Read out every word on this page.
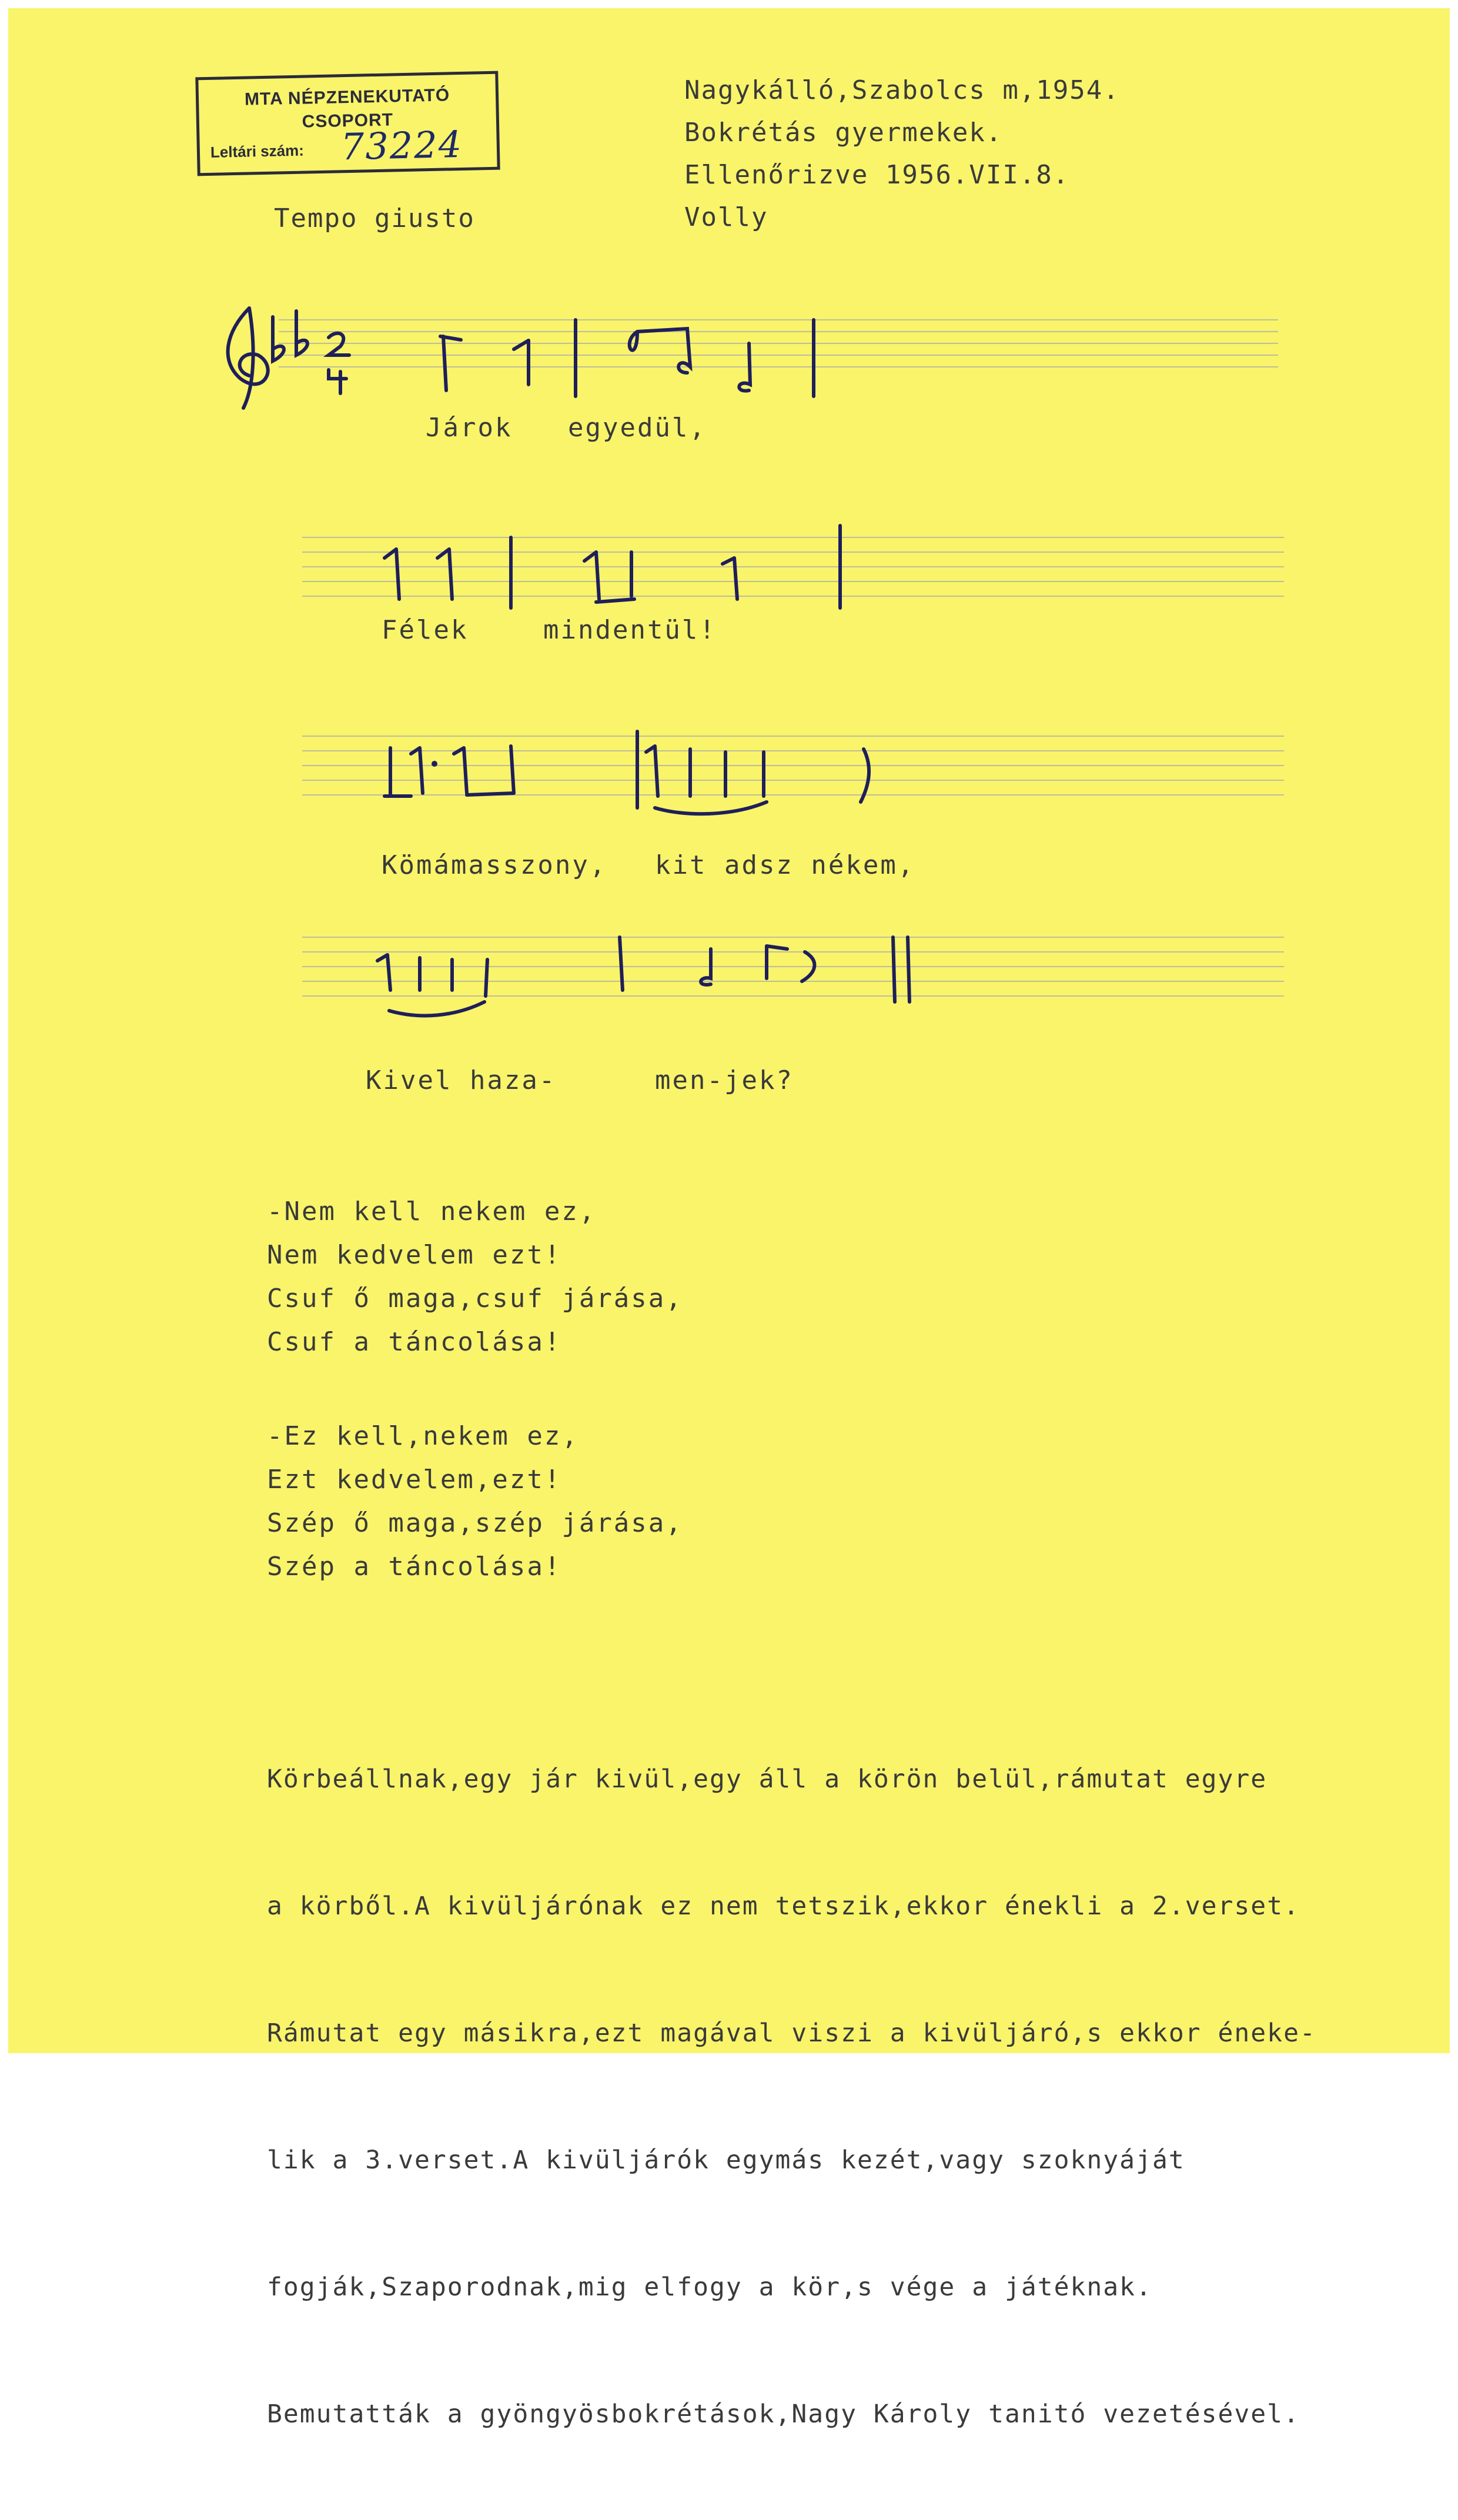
MTA NÉPZENEKUTATÓ
CSOPORT
Leltári szám: 73224
Nagykálló,Szabolcs m,1954.
Bokrétás gyermekek.
Ellenőrizve 1956.VII.8.
Volly
Tempo giusto
Járok egyedül,
Félek	mindentül!
Kömámasszony, kit adsz nékem,
Kivel haza-	men-jek?
-Nem kell nekem ez,
Nem kedvelem ezt!
Csuf ő maga,csuf járása,
Csuf a táncolása!
-Ez kell,nekem ez,
Ezt kedvelem,ezt!
Szép ő maga,szép járása,
Szép a táncolása!

Körbeállnak,egy jár kivül,egy áll a körön belül,rámutat egyre

a körből.A kivüljárónak ez nem tetszik,ekkor énekli a 2.verset.

Rámutat egy másikra,ezt magával viszi a kivüljáró,s ekkor éneke-

lik a 3.verset.A kivüljárók egymás kezét,vagy szoknyáját

fogják,Szaporodnak,mig elfogy a kör,s vége a játéknak.

Bemutatták a gyöngyösbokrétások,Nagy Károly tanitó vezetésével.
